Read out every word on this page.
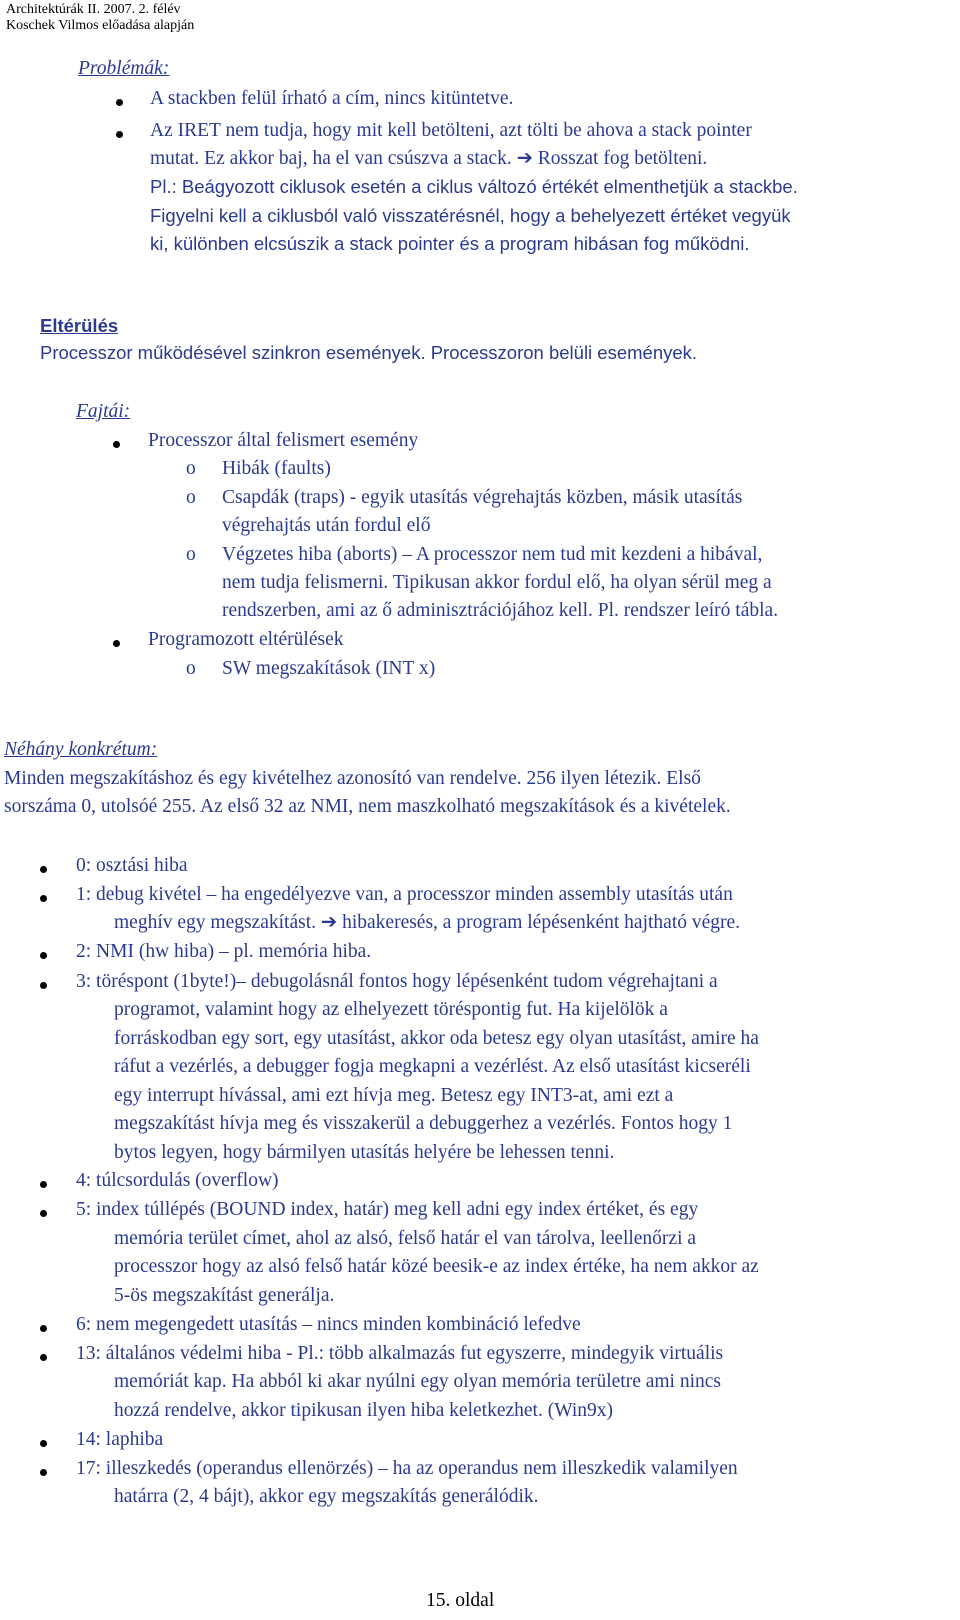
Architektúrák II. 2007. 2. félév
Koschek Vilmos előadása alapján
Problémák:
A stackben felül írható a cím, nincs kitüntetve.
Az IRET nem tudja, hogy mit kell betölteni, azt tölti be ahova a stack pointer
mutat. Ez akkor baj, ha el van csúszva a stack. ➔ Rosszat fog betölteni.
Pl.: Beágyozott ciklusok esetén a ciklus változó értékét elmenthetjük a stackbe.
Figyelni kell a ciklusból való visszatérésnél, hogy a behelyezett értéket vegyük
ki, különben elcsúszik a stack pointer és a program hibásan fog működni.
Eltérülés
Processzor működésével szinkron események. Processzoron belüli események.
Fajtái:
Processzor által felismert esemény
o Hibák (faults)
o Csapdák (traps) - egyik utasítás végrehajtás közben, másik utasítás
végrehajtás után fordul elő
o Végzetes hiba (aborts) – A processzor nem tud mit kezdeni a hibával,
nem tudja felismerni. Tipikusan akkor fordul elő, ha olyan sérül meg a
rendszerben, ami az ő adminisztrációjához kell. Pl. rendszer leíró tábla.
Programozott eltérülések
o SW megszakítások (INT x)
Néhány konkrétum:
Minden megszakításhoz és egy kivételhez azonosító van rendelve. 256 ilyen létezik. Első
sorszáma 0, utolsóé 255. Az első 32 az NMI, nem maszkolható megszakítások és a kivételek.
0: osztási hiba
1: debug kivétel – ha engedélyezve van, a processzor minden assembly utasítás után
meghív egy megszakítást. ➔ hibakeresés, a program lépésenként hajtható végre.
2: NMI (hw hiba) – pl. memória hiba.
3: töréspont (1byte!)– debugolásnál fontos hogy lépésenként tudom végrehajtani a
programot, valamint hogy az elhelyezett töréspontig fut. Ha kijelölök a
forráskodban egy sort, egy utasítást, akkor oda betesz egy olyan utasítást, amire ha
ráfut a vezérlés, a debugger fogja megkapni a vezérlést. Az első utasítást kicseréli
egy interrupt hívással, ami ezt hívja meg. Betesz egy INT3-at, ami ezt a
megszakítást hívja meg és visszakerül a debuggerhez a vezérlés. Fontos hogy 1
bytos legyen, hogy bármilyen utasítás helyére be lehessen tenni.
4: túlcsordulás (overflow)
5: index túllépés (BOUND index, határ) meg kell adni egy index értéket, és egy
memória terület címet, ahol az alsó, felső határ el van tárolva, leellenőrzi a
processzor hogy az alsó felső határ közé beesik-e az index értéke, ha nem akkor az
5-ös megszakítást generálja.
6: nem megengedett utasítás – nincs minden kombináció lefedve
13: általános védelmi hiba - Pl.: több alkalmazás fut egyszerre, mindegyik virtuális
memóriát kap. Ha abból ki akar nyúlni egy olyan memória területre ami nincs
hozzá rendelve, akkor tipikusan ilyen hiba keletkezhet. (Win9x)
14: laphiba
17: illeszkedés (operandus ellenörzés) – ha az operandus nem illeszkedik valamilyen
határra (2, 4 bájt), akkor egy megszakítás generálódik.
15. oldal
